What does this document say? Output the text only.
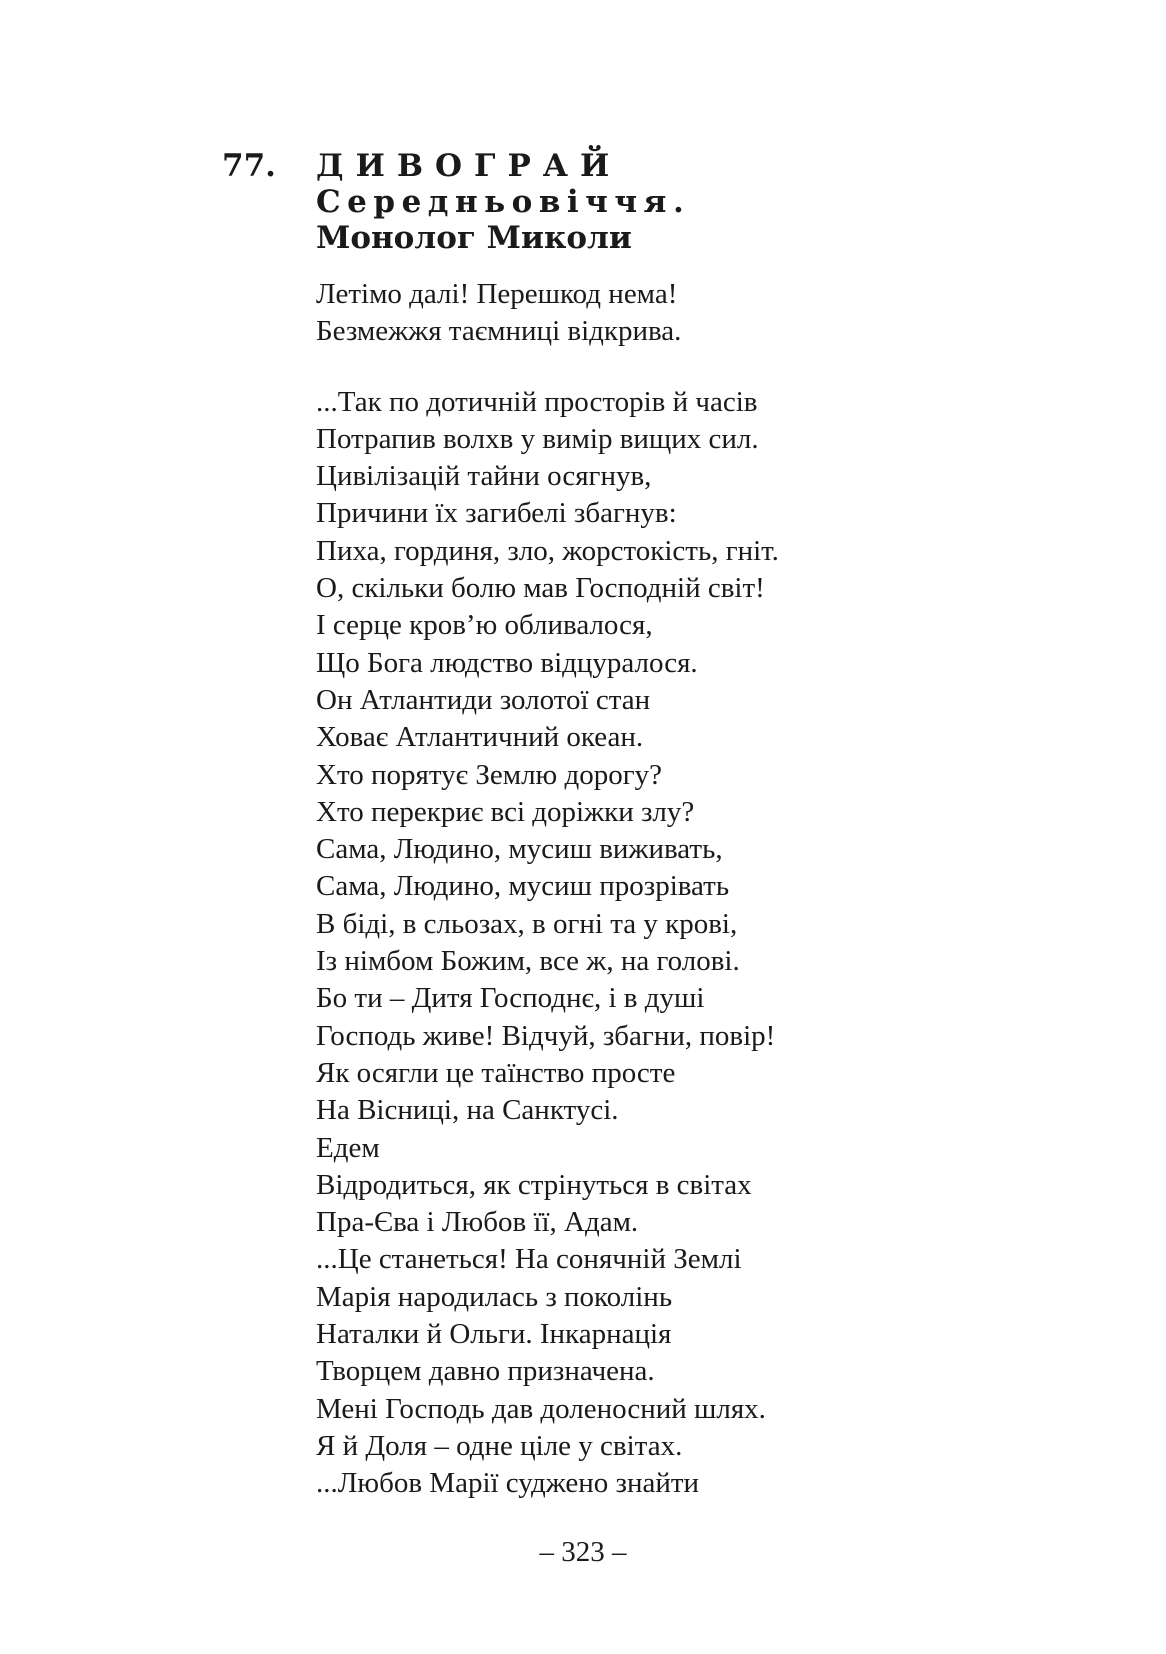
77.	ДИВОГРАЙ
Середньовіччя.
Монолог Миколи
Летімо далі! Перешкод нема!
Безмежжя таємниці відкрива.
...Так по дотичній просторів й часів
Потрапив волхв у вимір вищих сил.
Цивілізацій тайни осягнув,
Причини їх загибелі збагнув:
Пиха, гординя, зло, жорстокість, гніт.
О, скільки болю мав Господній світ!
І серце кров’ю обливалося,
Що Бога людство відцуралося.
Он Атлантиди золотої стан
Ховає Атлантичний океан.
Хто порятує Землю дорогу?
Хто перекриє всі доріжки злу?
Сама, Людино, мусиш виживать,
Сама, Людино, мусиш прозрівать
В біді, в сльозах, в огні та у крові,
Із німбом Божим, все ж, на голові.
Бо ти – Дитя Господнє, і в душі
Господь живе! Відчуй, збагни, повір!
Як осягли це таїнство просте
На Вісниці, на Санктусі.
Едем
Відродиться, як стрінуться в світах
Пра-Єва і Любов її, Адам.
...Це станеться! На сонячній Землі
Марія народилась з поколінь
Наталки й Ольги. Інкарнація
Творцем давно призначена.
Мені Господь дав доленосний шлях.
Я й Доля – одне ціле у світах.
...Любов Марії суджено знайти
– 323 –
